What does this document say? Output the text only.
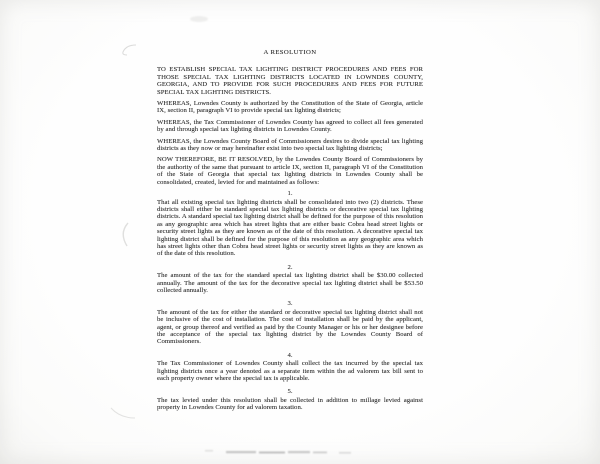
A RESOLUTION

TO ESTABLISH SPECIAL TAX LIGHTING DISTRICT PROCEDURES AND FEES FOR THOSE SPECIAL TAX LIGHTING DISTRICTS LOCATED IN LOWNDES COUNTY, GEORGIA, AND TO PROVIDE FOR SUCH PROCEDURES AND FEES FOR FUTURE SPECIAL TAX LIGHTING DISTRICTS.

WHEREAS, Lowndes County is authorized by the Constitution of the State of Georgia, article IX, section II, paragraph VI to provide special tax lighting districts;

WHEREAS, the Tax Commissioner of Lowndes County has agreed to collect all fees generated by and through special tax lighting districts in Lowndes County.

WHEREAS, the Lowndes County Board of Commissioners desires to divide special tax lighting districts as they now or may hereinafter exist into two special tax lighting districts;

NOW THEREFORE, BE IT RESOLVED, by the Lowndes County Board of Commissioners by the authority of the same that pursuant to article IX, section II, paragraph VI of the Constitution of the State of Georgia that special tax lighting districts in Lowndes County shall be consolidated, created, levied for and maintained as follows:

1.

That all existing special tax lighting districts shall be consolidated into two (2) districts. These districts shall either be standard special tax lighting districts or decorative special tax lighting districts. A standard special tax lighting district shall be defined for the purpose of this resolution as any geographic area which has street lights that are either basic Cobra head street lights or security street lights as they are known as of the date of this resolution. A decorative special tax lighting district shall be defined for the purpose of this resolution as any geographic area which has street lights other than Cobra head street lights or security street lights as they are known as of the date of this resolution.

2.

The amount of the tax for the standard special tax lighting district shall be $30.00 collected annually. The amount of the tax for the decorative special tax lighting district shall be $53.50 collected annually.

3.

The amount of the tax for either the standard or decorative special tax lighting district shall not be inclusive of the cost of installation. The cost of installation shall be paid by the applicant, agent, or group thereof and verified as paid by the County Manager or his or her designee before the acceptance of the special tax lighting district by the Lowndes County Board of Commissioners.

4.

The Tax Commissioner of Lowndes County shall collect the tax incurred by the special tax lighting districts once a year denoted as a separate item within the ad valorem tax bill sent to each property owner where the special tax is applicable.

5.

The tax levied under this resolution shall be collected in addition to millage levied against property in Lowndes County for ad valorem taxation.
